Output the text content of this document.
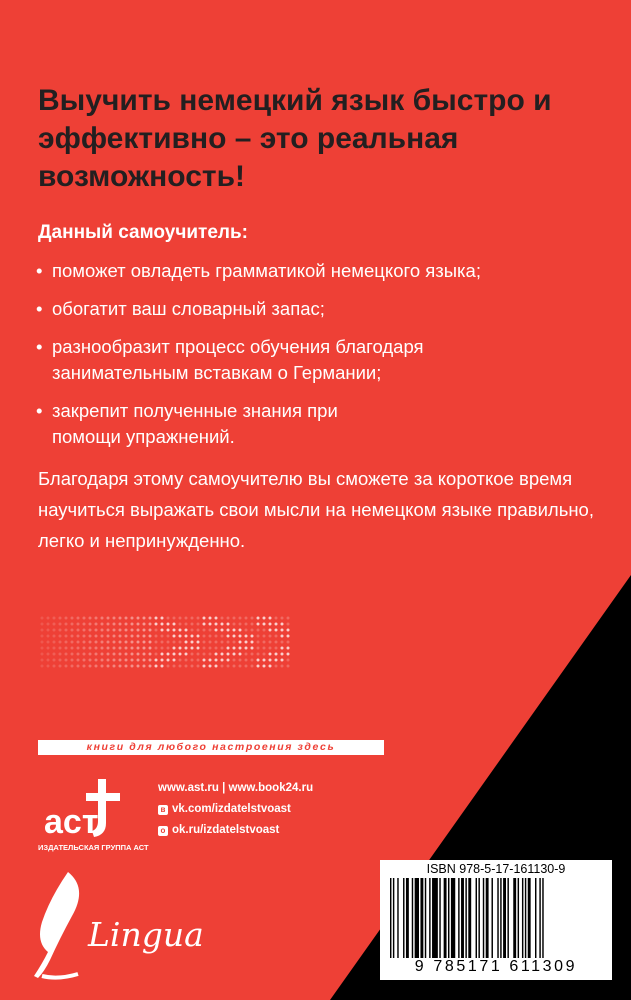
Выучить немецкий язык быстро и эффективно – это реальная возможность!

Данный самоучитель:

• поможет овладеть грамматикой немецкого языка;
• обогатит ваш словарный запас;
• разнообразит процесс обучения благодаря занимательным вставкам о Германии;
• закрепит полученные знания при помощи упражнений.

Благодаря этому самоучителю вы сможете за короткое время научиться выражать свои мысли на немецком языке правильно, легко и непринужденно.

книги для любого настроения здесь
аст
ИЗДАТЕЛЬСКАЯ ГРУППА АСТ
www.ast.ru | www.book24.ru
в vk.com/izdatelstvoast
о ok.ru/izdatelstvoast
Lingua
ISBN 978-5-17-161130-9
9 785171 611309
